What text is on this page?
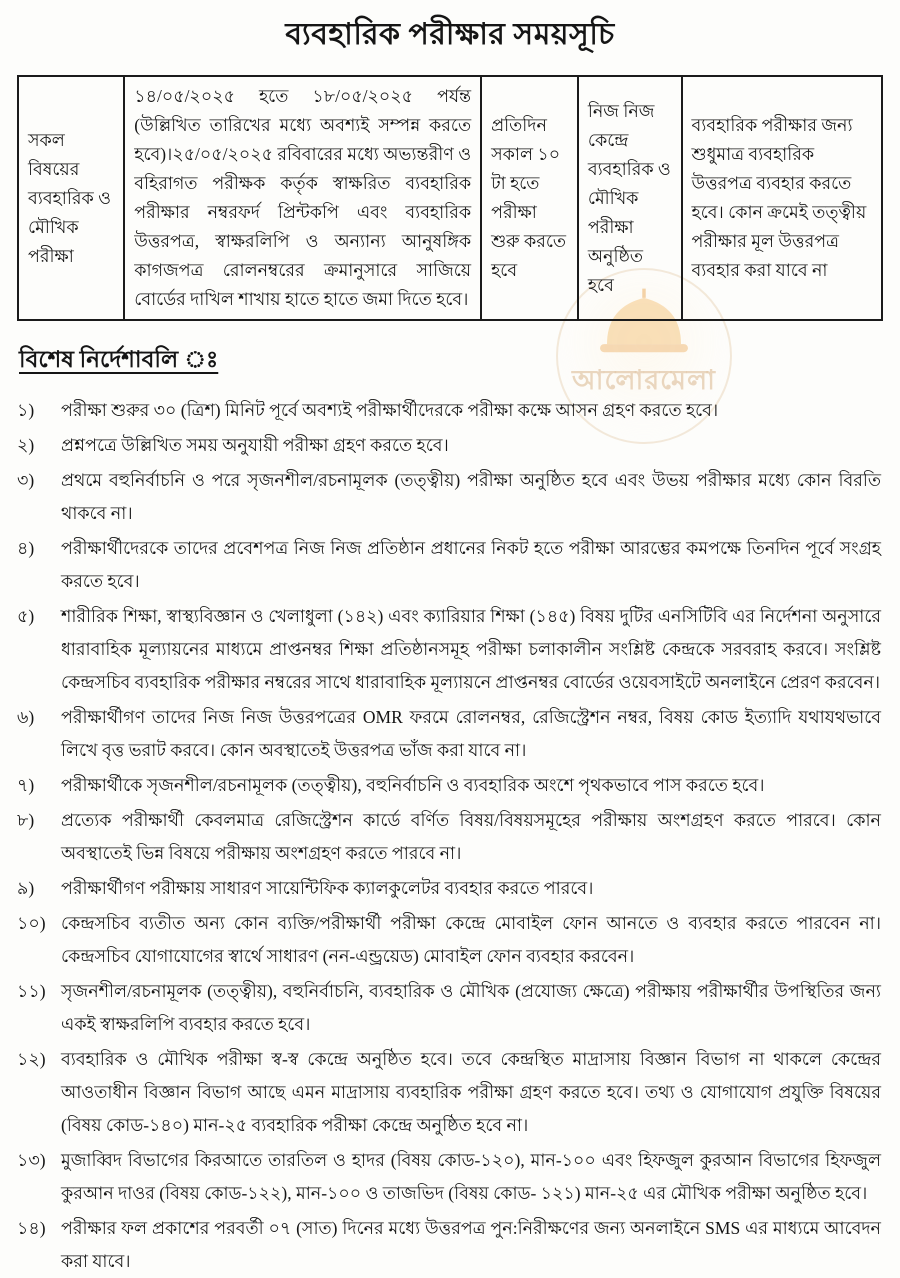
আলোরমেলা
ব্যবহারিক পরীক্ষার সময়সূচি
সকল বিষয়ের ব্যবহারিক ও মৌখিক পরীক্ষা	১৪/০৫/২০২৫ হতে ১৮/০৫/২০২৫ পর্যন্ত (উল্লিখিত তারিখের মধ্যে অবশ্যই সম্পন্ন করতে হবে)।২৫/০৫/২০২৫ রবিবারের মধ্যে অভ্যন্তরীণ ও বহিরাগত পরীক্ষক কর্তৃক স্বাক্ষরিত ব্যবহারিক পরীক্ষার নম্বরফর্দ প্রিন্টকপি এবং ব্যবহারিক উত্তরপত্র, স্বাক্ষরলিপি ও অন্যান্য আনুষঙ্গিক কাগজপত্র রোলনম্বরের ক্রমানুসারে সাজিয়ে বোর্ডের দাখিল শাখায় হাতে হাতে জমা দিতে হবে।	প্রতিদিন সকাল ১০ টা হতে পরীক্ষা শুরু করতে হবে	নিজ নিজ কেন্দ্রে ব্যবহারিক ও মৌখিক পরীক্ষা অনুষ্ঠিত হবে	ব্যবহারিক পরীক্ষার জন্য শুধুমাত্র ব্যবহারিক উত্তরপত্র ব্যবহার করতে হবে। কোন ক্রমেই তত্ত্বীয় পরীক্ষার মূল উত্তরপত্র ব্যবহার করা যাবে না
বিশেষ নির্দেশাবলি ঃ
১)	পরীক্ষা শুরুর ৩০ (ত্রিশ) মিনিট পূর্বে অবশ্যই পরীক্ষার্থীদেরকে পরীক্ষা কক্ষে আসন গ্রহণ করতে হবে।
২)	প্রশ্নপত্রে উল্লিখিত সময় অনুযায়ী পরীক্ষা গ্রহণ করতে হবে।
৩)	প্রথমে বহুনির্বাচনি ও পরে সৃজনশীল/রচনামূলক (তত্ত্বীয়) পরীক্ষা অনুষ্ঠিত হবে এবং উভয় পরীক্ষার মধ্যে কোন বিরতি থাকবে না।
৪)	পরীক্ষার্থীদেরকে তাদের প্রবেশপত্র নিজ নিজ প্রতিষ্ঠান প্রধানের নিকট হতে পরীক্ষা আরম্ভের কমপক্ষে তিনদিন পূর্বে সংগ্রহ করতে হবে।
৫)	শারীরিক শিক্ষা, স্বাস্থ্যবিজ্ঞান ও খেলাধুলা (১৪২) এবং ক্যারিয়ার শিক্ষা (১৪৫) বিষয় দুটির এনসিটিবি এর নির্দেশনা অনুসারে ধারাবাহিক মূল্যায়নের মাধ্যমে প্রাপ্তনম্বর শিক্ষা প্রতিষ্ঠানসমূহ পরীক্ষা চলাকালীন সংশ্লিষ্ট কেন্দ্রকে সরবরাহ করবে। সংশ্লিষ্ট কেন্দ্রসচিব ব্যবহারিক পরীক্ষার নম্বরের সাথে ধারাবাহিক মূল্যায়নে প্রাপ্তনম্বর বোর্ডের ওয়েবসাইটে অনলাইনে প্রেরণ করবেন।
৬)	পরীক্ষার্থীগণ তাদের নিজ নিজ উত্তরপত্রের OMR ফরমে রোলনম্বর, রেজিস্ট্রেশন নম্বর, বিষয় কোড ইত্যাদি যথাযথভাবে লিখে বৃত্ত ভরাট করবে। কোন অবস্থাতেই উত্তরপত্র ভাঁজ করা যাবে না।
৭)	পরীক্ষার্থীকে সৃজনশীল/রচনামূলক (তত্ত্বীয়), বহুনির্বাচনি ও ব্যবহারিক অংশে পৃথকভাবে পাস করতে হবে।
৮)	প্রত্যেক পরীক্ষার্থী কেবলমাত্র রেজিস্ট্রেশন কার্ডে বর্ণিত বিষয়/বিষয়সমূহের পরীক্ষায় অংশগ্রহণ করতে পারবে। কোন অবস্থাতেই ভিন্ন বিষয়ে পরীক্ষায় অংশগ্রহণ করতে পারবে না।
৯)	পরীক্ষার্থীগণ পরীক্ষায় সাধারণ সায়েন্টিফিক ক্যালকুলেটর ব্যবহার করতে পারবে।
১০) কেন্দ্রসচিব ব্যতীত অন্য কোন ব্যক্তি/পরীক্ষার্থী পরীক্ষা কেন্দ্রে মোবাইল ফোন আনতে ও ব্যবহার করতে পারবেন না। কেন্দ্রসচিব যোগাযোগের স্বার্থে সাধারণ (নন-এন্ড্রয়েড) মোবাইল ফোন ব্যবহার করবেন।
১১) সৃজনশীল/রচনামূলক (তত্ত্বীয়), বহুনির্বাচনি, ব্যবহারিক ও মৌখিক (প্রযোজ্য ক্ষেত্রে) পরীক্ষায় পরীক্ষার্থীর উপস্থিতির জন্য একই স্বাক্ষরলিপি ব্যবহার করতে হবে।
১২) ব্যবহারিক ও মৌখিক পরীক্ষা স্ব-স্ব কেন্দ্রে অনুষ্ঠিত হবে। তবে কেন্দ্রস্থিত মাদ্রাসায় বিজ্ঞান বিভাগ না থাকলে কেন্দ্রের আওতাধীন বিজ্ঞান বিভাগ আছে এমন মাদ্রাসায় ব্যবহারিক পরীক্ষা গ্রহণ করতে হবে। তথ্য ও যোগাযোগ প্রযুক্তি বিষয়ের (বিষয় কোড-১৪০) মান-২৫ ব্যবহারিক পরীক্ষা কেন্দ্রে অনুষ্ঠিত হবে না।
১৩) মুজাব্বিদ বিভাগের কিরআতে তারতিল ও হাদর (বিষয় কোড-১২০), মান-১০০ এবং হিফজুল কুরআন বিভাগের হিফজুল কুরআন দাওর (বিষয় কোড-১২২), মান-১০০ ও তাজভিদ (বিষয় কোড- ১২১) মান-২৫ এর মৌখিক পরীক্ষা অনুষ্ঠিত হবে।
১৪) পরীক্ষার ফল প্রকাশের পরবর্তী ০৭ (সাত) দিনের মধ্যে উত্তরপত্র পুন:নিরীক্ষণের জন্য অনলাইনে SMS এর মাধ্যমে আবেদন করা যাবে।
